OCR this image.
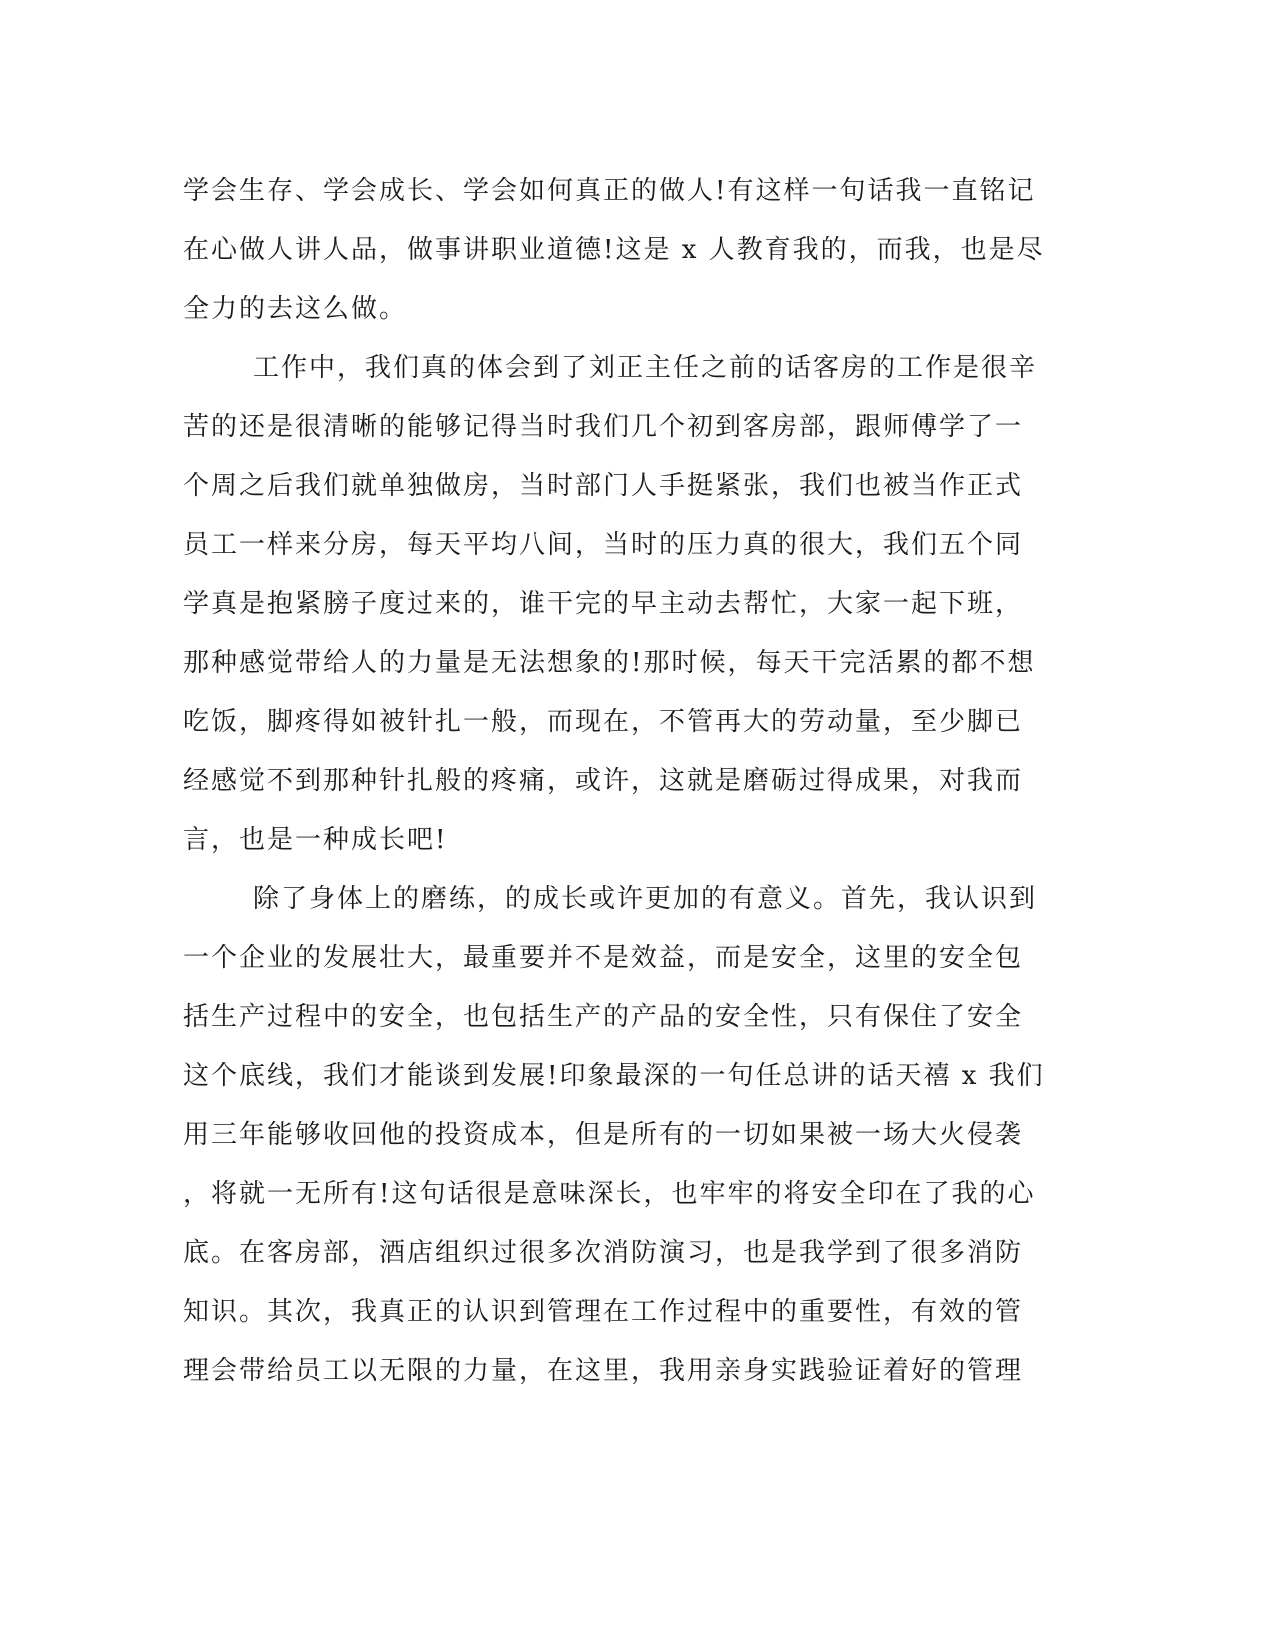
学会生存、学会成长、学会如何真正的做人!有这样一句话我一直铭记
在心做人讲人品，做事讲职业道德!这是 x 人教育我的，而我，也是尽
全力的去这么做。
工作中，我们真的体会到了刘正主任之前的话客房的工作是很辛
苦的还是很清晰的能够记得当时我们几个初到客房部，跟师傅学了一
个周之后我们就单独做房，当时部门人手挺紧张，我们也被当作正式
员工一样来分房，每天平均八间，当时的压力真的很大，我们五个同
学真是抱紧膀子度过来的，谁干完的早主动去帮忙，大家一起下班，
那种感觉带给人的力量是无法想象的!那时候，每天干完活累的都不想
吃饭，脚疼得如被针扎一般，而现在，不管再大的劳动量，至少脚已
经感觉不到那种针扎般的疼痛，或许，这就是磨砺过得成果，对我而
言，也是一种成长吧!
除了身体上的磨练，的成长或许更加的有意义。首先，我认识到
一个企业的发展壮大，最重要并不是效益，而是安全，这里的安全包
括生产过程中的安全，也包括生产的产品的安全性，只有保住了安全
这个底线，我们才能谈到发展!印象最深的一句任总讲的话天禧 x 我们
用三年能够收回他的投资成本，但是所有的一切如果被一场大火侵袭
，将就一无所有!这句话很是意味深长，也牢牢的将安全印在了我的心
底。在客房部，酒店组织过很多次消防演习，也是我学到了很多消防
知识。其次，我真正的认识到管理在工作过程中的重要性，有效的管
理会带给员工以无限的力量，在这里，我用亲身实践验证着好的管理
